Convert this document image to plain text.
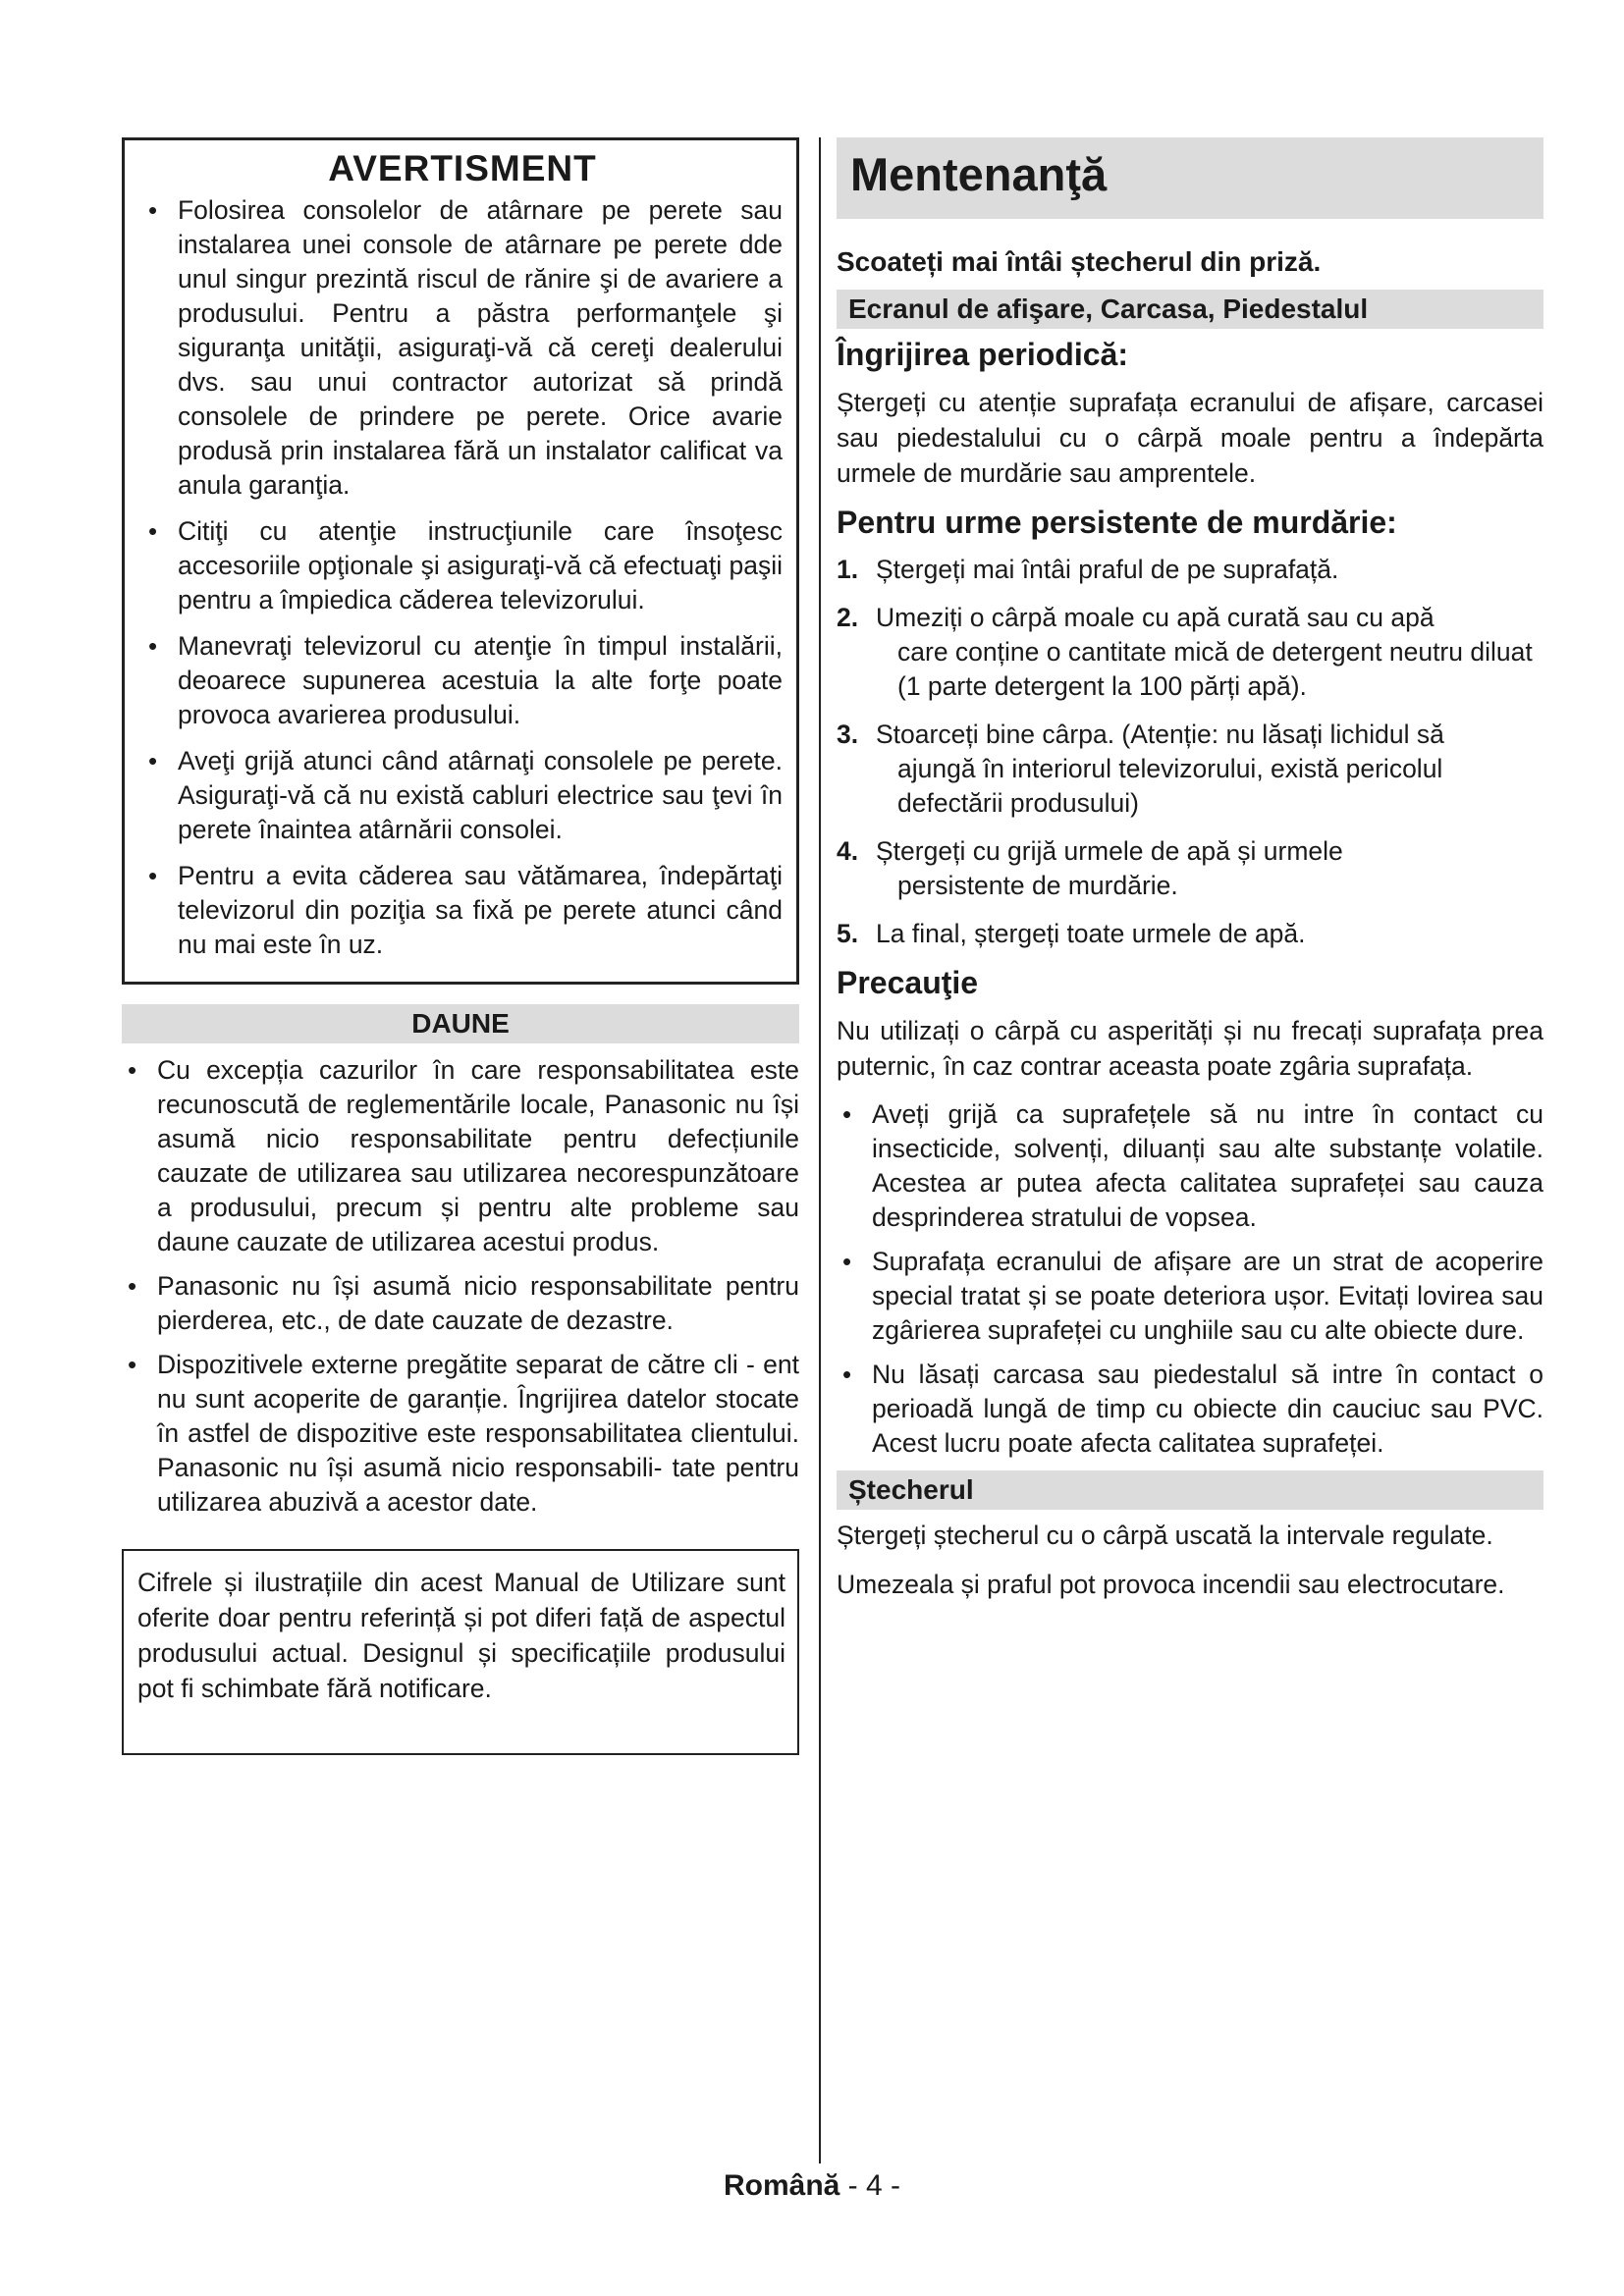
AVERTISMENT
• Folosirea consolelor de atârnare pe perete sau instalarea unei console de atârnare pe perete dde unul singur prezintă riscul de rănire şi de avariere a produsului. Pentru a păstra performanţele şi siguranţa unităţii, asiguraţi-vă că cereţi dealerului dvs. sau unui contractor autorizat să prindă consolele de prindere pe perete. Orice avarie produsă prin instalarea fără un instalator calificat va anula garanţia.
• Citiţi cu atenţie instrucţiunile care însoţesc accesoriile opţionale şi asiguraţi-vă că efectuaţi paşii pentru a împiedica căderea televizorului.
• Manevraţi televizorul cu atenţie în timpul instalării, deoarece supunerea acestuia la alte forţe poate provoca avarierea produsului.
• Aveţi grijă atunci când atârnaţi consolele pe perete. Asiguraţi-vă că nu există cabluri electrice sau ţevi în perete înaintea atârnării consolei.
• Pentru a evita căderea sau vătămarea, îndepărtaţi televizorul din poziţia sa fixă pe perete atunci când nu mai este în uz.
DAUNE
• Cu excepția cazurilor în care responsabilitatea este recunoscută de reglementările locale, Panasonic nu își asumă nicio responsabilitate pentru defecțiunile cauzate de utilizarea sau utilizarea necorespunzătoare a produsului, precum și pentru alte probleme sau daune cauzate de utilizarea acestui produs.
• Panasonic nu își asumă nicio responsabilitate pentru pierderea, etc., de date cauzate de dezastre.
• Dispozitivele externe pregătite separat de către cli - ent nu sunt acoperite de garanție. Îngrijirea datelor stocate în astfel de dispozitive este responsabilitatea clientului. Panasonic nu își asumă nicio responsabili- tate pentru utilizarea abuzivă a acestor date.
Cifrele și ilustrațiile din acest Manual de Utilizare sunt oferite doar pentru referință și pot diferi față de aspectul produsului actual. Designul și specificațiile produsului pot fi schimbate fără notificare.
Mentenanţă
Scoateți mai întâi ștecherul din priză.
Ecranul de afişare, Carcasa, Piedestalul
Îngrijirea periodică:

Ștergeți cu atenție suprafața ecranului de afișare, carcasei sau piedestalului cu o cârpă moale pentru a îndepărta urmele de murdărie sau amprentele.

Pentru urme persistente de murdărie:
1. Ștergeți mai întâi praful de pe suprafață.
2. Umeziți o cârpă moale cu apă curată sau cu apă
care conține o cantitate mică de detergent neutru diluat (1 parte detergent la 100 părți apă).
3. Stoarceți bine cârpa. (Atenție: nu lăsați lichidul să
ajungă în interiorul televizorului, există pericolul defectării produsului)
4. Ștergeți cu grijă urmele de apă și urmele
persistente de murdărie.
5. La final, ștergeți toate urmele de apă.
Precauţie

Nu utilizați o cârpă cu asperități și nu frecați suprafața prea puternic, în caz contrar aceasta poate zgâria suprafața.

• Aveți grijă ca suprafețele să nu intre în contact cu insecticide, solvenți, diluanți sau alte substanțe volatile. Acestea ar putea afecta calitatea suprafeței sau cauza desprinderea stratului de vopsea.
• Suprafața ecranului de afișare are un strat de acoperire special tratat și se poate deteriora ușor. Evitați lovirea sau zgârierea suprafeței cu unghiile sau cu alte obiecte dure.
• Nu lăsați carcasa sau piedestalul să intre în contact o perioadă lungă de timp cu obiecte din cauciuc sau PVC. Acest lucru poate afecta calitatea suprafeței.
Ștecherul

Ștergeți ștecherul cu o cârpă uscată la intervale regulate.

Umezeala și praful pot provoca incendii sau electrocutare.

Română - 4 -
